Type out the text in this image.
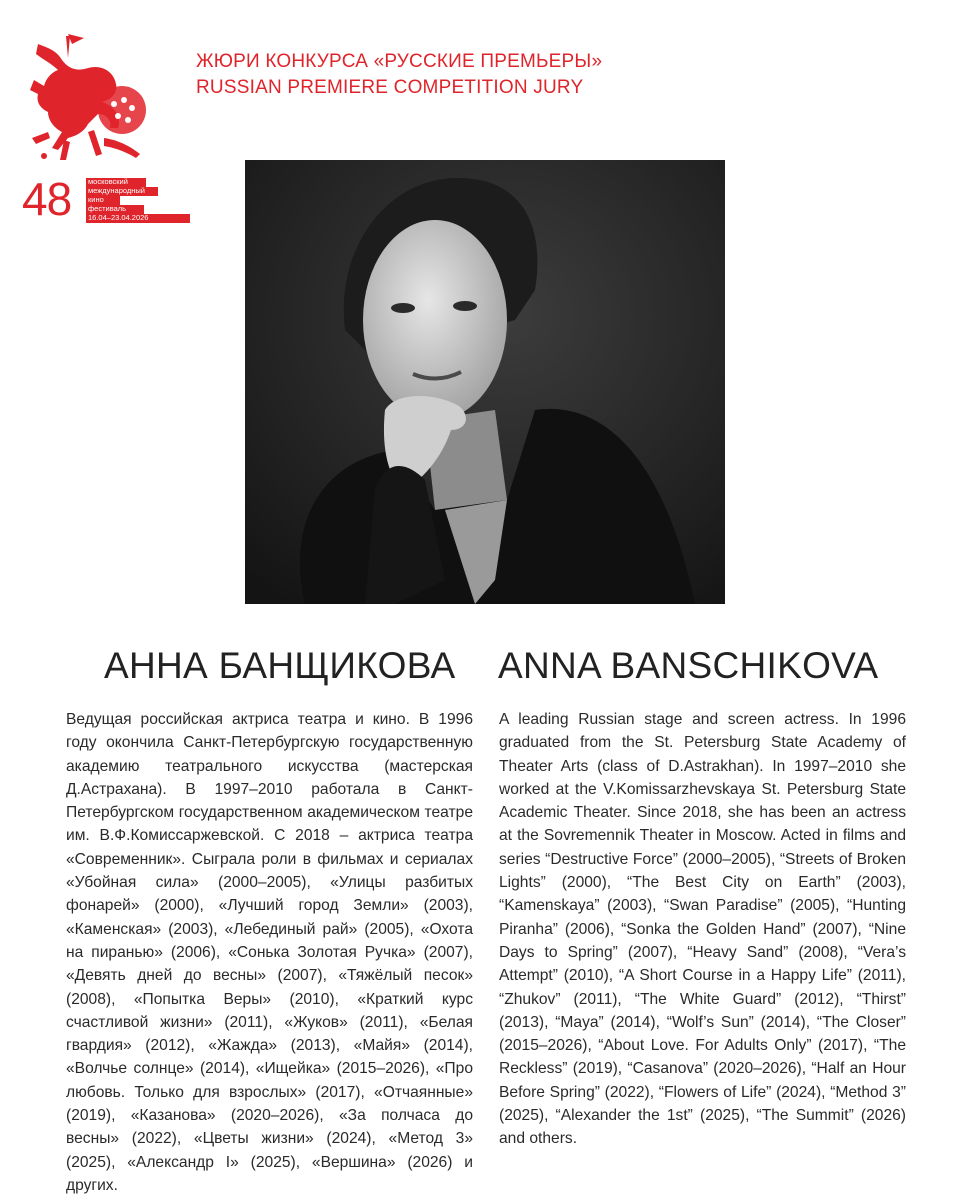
48 московский
международный
кино
фестиваль
16.04–23.04.2026
ЖЮРИ КОНКУРСА «РУССКИЕ ПРЕМЬЕРЫ»
RUSSIAN PREMIERE COMPETITION JURY
АННА БАНЩИКОВА ANNA BANSCHIKOVA
Ведущая российская актриса театра и кино. В 1996 году окончила Санкт-Петербургскую государственную академию театрального искусства (мастерская Д.Астрахана). В 1997–2010 работала в Санкт-Петербургском государственном академическом театре им. В.Ф.Комиссаржевской. С 2018 – актриса театра «Современник». Сыграла роли в фильмах и сериалах «Убойная сила» (2000–2005), «Улицы разбитых фонарей» (2000), «Лучший город Земли» (2003), «Каменская» (2003), «Лебединый рай» (2005), «Охота на пиранью» (2006), «Сонька Золотая Ручка» (2007), «Девять дней до весны» (2007), «Тяжёлый песок» (2008), «Попытка Веры» (2010), «Краткий курс счастливой жизни» (2011), «Жуков» (2011), «Белая гвардия» (2012), «Жажда» (2013), «Майя» (2014), «Волчье солнце» (2014), «Ищейка» (2015–2026), «Про любовь. Только для взрослых» (2017), «Отчаянные» (2019), «Казанова» (2020–2026), «За полчаса до весны» (2022), «Цветы жизни» (2024), «Метод 3» (2025), «Александр I» (2025), «Вершина» (2026) и других.
A leading Russian stage and screen actress. In 1996 graduated from the St. Petersburg State Academy of Theater Arts (class of D.Astrakhan). In 1997–2010 she worked at the V.Komissarzhevskaya St. Petersburg State Academic Theater. Since 2018, she has been an actress at the Sovremennik Theater in Moscow. Acted in films and series “Destructive Force” (2000–2005), “Streets of Broken Lights” (2000), “The Best City on Earth” (2003), “Kamenskaya” (2003), “Swan Paradise” (2005), “Hunting Piranha” (2006), “Sonka the Golden Hand” (2007), “Nine Days to Spring” (2007), “Heavy Sand” (2008), “Vera’s Attempt” (2010), “A Short Course in a Happy Life” (2011), “Zhukov” (2011), “The White Guard” (2012), “Thirst” (2013), “Maya” (2014), “Wolf’s Sun” (2014), “The Closer” (2015–2026), “About Love. For Adults Only” (2017), “The Reckless” (2019), “Casanova” (2020–2026), “Half an Hour Before Spring” (2022), “Flowers of Life” (2024), “Method 3” (2025), “Alexander the 1st” (2025), “The Summit” (2026) and others.
